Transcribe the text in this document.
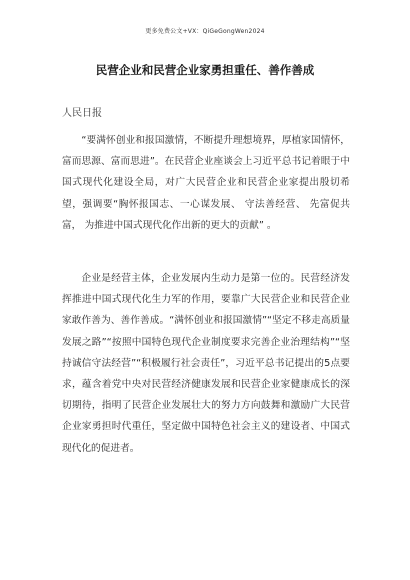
更多免费公文+VX：QiGeGongWen2024
民营企业和民营企业家勇担重任、善作善成
人民日报

“要满怀创业和报国激情，不断提升理想境界，厚植家国情怀，富而思源、富而思进”。在民营企业座谈会上习近平总书记着眼于中国式现代化建设全局，对广大民营企业和民营企业家提出殷切希望，强调要“胸怀报国志、一心谋发展、 守法善经营、 先富促共富， 为推进中国式现代化作出新的更大的贡献” 。

企业是经营主体，企业发展内生动力是第一位的。民营经济发挥推进中国式现代化生力军的作用，要靠广大民营企业和民营企业家敢作善为、善作善成。“满怀创业和报国激情”“坚定不移走高质量发展之路”“按照中国特色现代企业制度要求完善企业治理结构”“坚持诚信守法经营”“积极履行社会责任”，习近平总书记提出的5点要求，蕴含着党中央对民营经济健康发展和民营企业家健康成长的深切期待，指明了民营企业发展壮大的努力方向鼓舞和激励广大民营企业家勇担时代重任，坚定做中国特色社会主义的建设者、中国式现代化的促进者。
